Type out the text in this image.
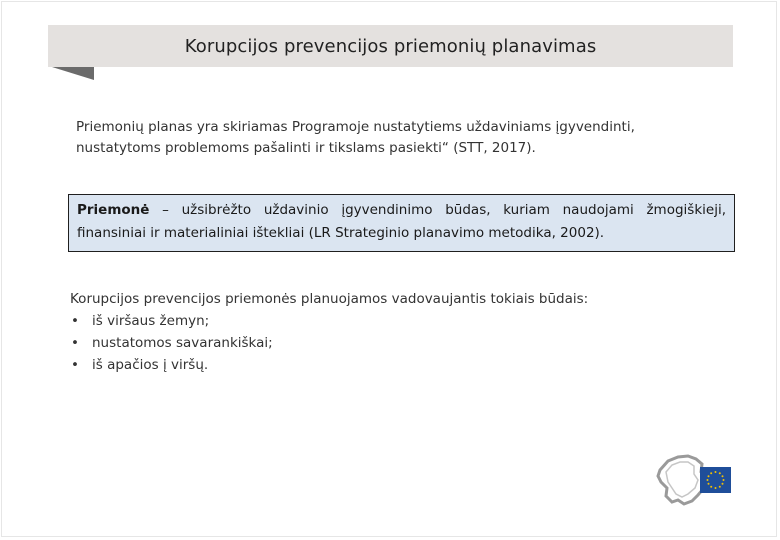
Korupcijos prevencijos priemonių planavimas
Priemonių planas yra skiriamas Programoje nustatytiems uždaviniams įgyvendinti, nustatytoms problemoms pašalinti ir tikslams pasiekti“ (STT, 2017).
Priemonė – užsibrėžto uždavinio įgyvendinimo būdas, kuriam naudojami žmogiškieji, finansiniai ir materialiniai ištekliai (LR Strateginio planavimo metodika, 2002).
Korupcijos prevencijos priemonės planuojamos vadovaujantis tokiais būdais:
• iš viršaus žemyn;
• nustatomos savarankiškai;
• iš apačios į viršų.
